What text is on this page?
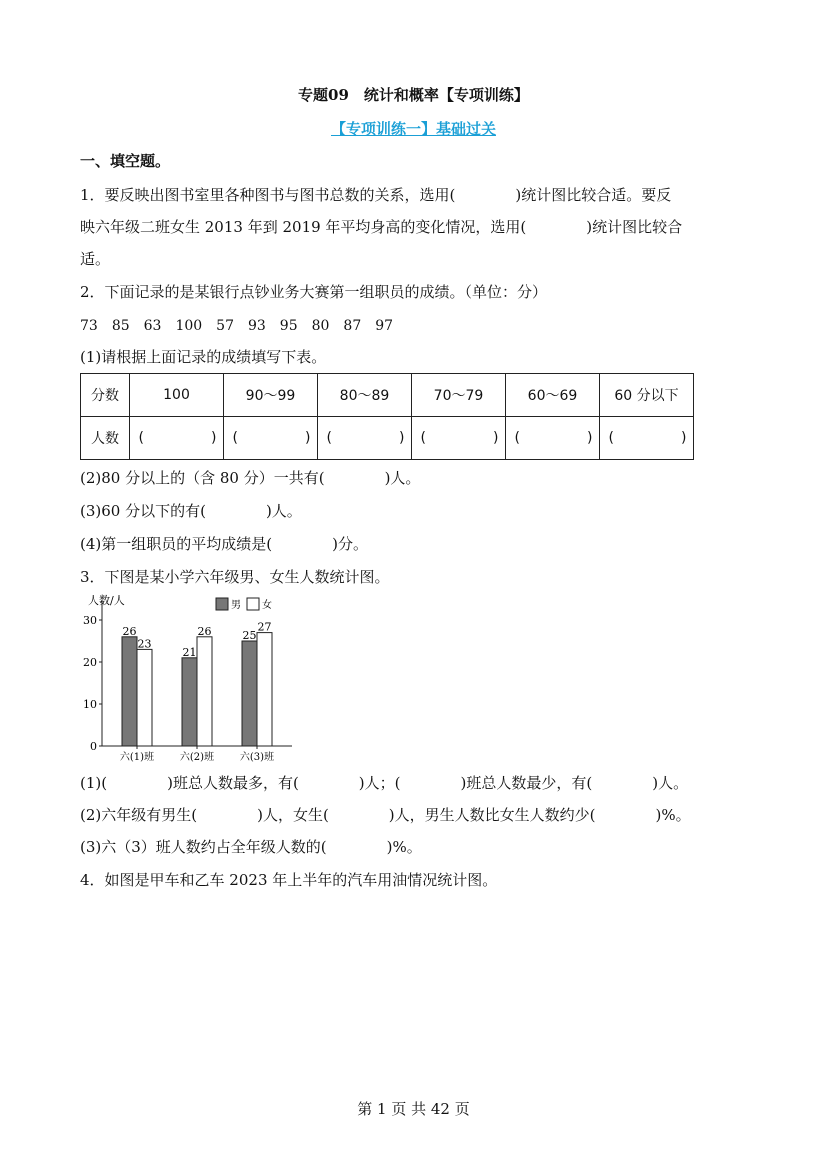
专题09　统计和概率【专项训练】
【专项训练一】基础过关
一、填空题。
1．要反映出图书室里各种图书与图书总数的关系，选用(　　　　)统计图比较合适。要反
映六年级二班女生 2013 年到 2019 年平均身高的变化情况，选用(　　　　)统计图比较合
适。
2．下面记录的是某银行点钞业务大赛第一组职员的成绩。（单位：分）
73　85　63　100　57　93　95　80　87　97
(1)请根据上面记录的成绩填写下表。
分数	100	90～99	80～89	70～79	60～69	60 分以下
人数	( )	( )	( )	( )	( )	( )

(2)80 分以上的（含 80 分）一共有(　　　　)人。
(3)60 分以下的有(　　　　)人。
(4)第一组职员的平均成绩是(　　　　)分。
3．下图是某小学六年级男、女生人数统计图。
人数/人	男 女
0
10
20
30
26
23
六(1)班
21
26
六(2)班
25
27
六(3)班
(1)(　　　　)班总人数最多，有(　　　　)人；(　　　　)班总人数最少，有(　　　　)人。
(2)六年级有男生(　　　　)人，女生(　　　　)人，男生人数比女生人数约少(　　　　)%。
(3)六（3）班人数约占全年级人数的(　　　　)%。
4．如图是甲车和乙车 2023 年上半年的汽车用油情况统计图。
第 1 页 共 42 页
